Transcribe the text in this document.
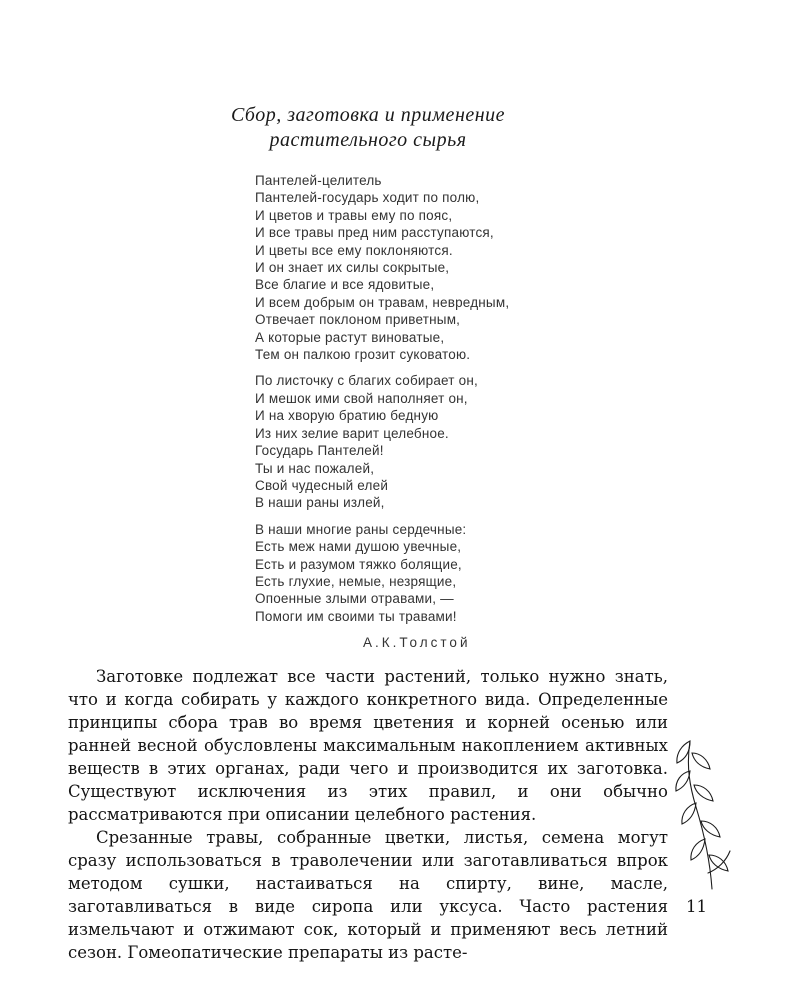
Сбор, заготовка и применение
растительного сырья
Пантелей-целитель
Пантелей-государь ходит по полю,
И цветов и травы ему по пояс,
И все травы пред ним расступаются,
И цветы все ему поклоняются.
И он знает их силы сокрытые,
Все благие и все ядовитые,
И всем добрым он травам, невредным,
Отвечает поклоном приветным,
А которые растут виноватые,
Тем он палкою грозит суковатою.
По листочку с благих собирает он,
И мешок ими свой наполняет он,
И на хворую братию бедную
Из них зелие варит целебное.
Государь Пантелей!
Ты и нас пожалей,
Свой чудесный елей
В наши раны излей,
В наши многие раны сердечные:
Есть меж нами душою увечные,
Есть и разумом тяжко болящие,
Есть глухие, немые, незрящие,
Опоенные злыми отравами, —
Помоги им своими ты травами!
А.К.Толстой

Заготовке подлежат все части растений, только нужно знать, что и когда собирать у каждого конкретного вида. Определенные принципы сбора трав во время цветения и корней осенью или ранней весной обусловлены максимальным накоплением активных веществ в этих органах, ради чего и производится их заготовка. Существуют исключения из этих правил, и они обычно рассматриваются при описании целебного растения.

Срезанные травы, собранные цветки, листья, семена могут сразу использоваться в траволечении или заготавливаться впрок методом сушки, настаиваться на спирту, вине, масле, заготавливаться в виде сиропа или уксуса. Часто растения измельчают и отжимают сок, который и применяют весь летний сезон. Гомеопатические препараты из расте-

11
